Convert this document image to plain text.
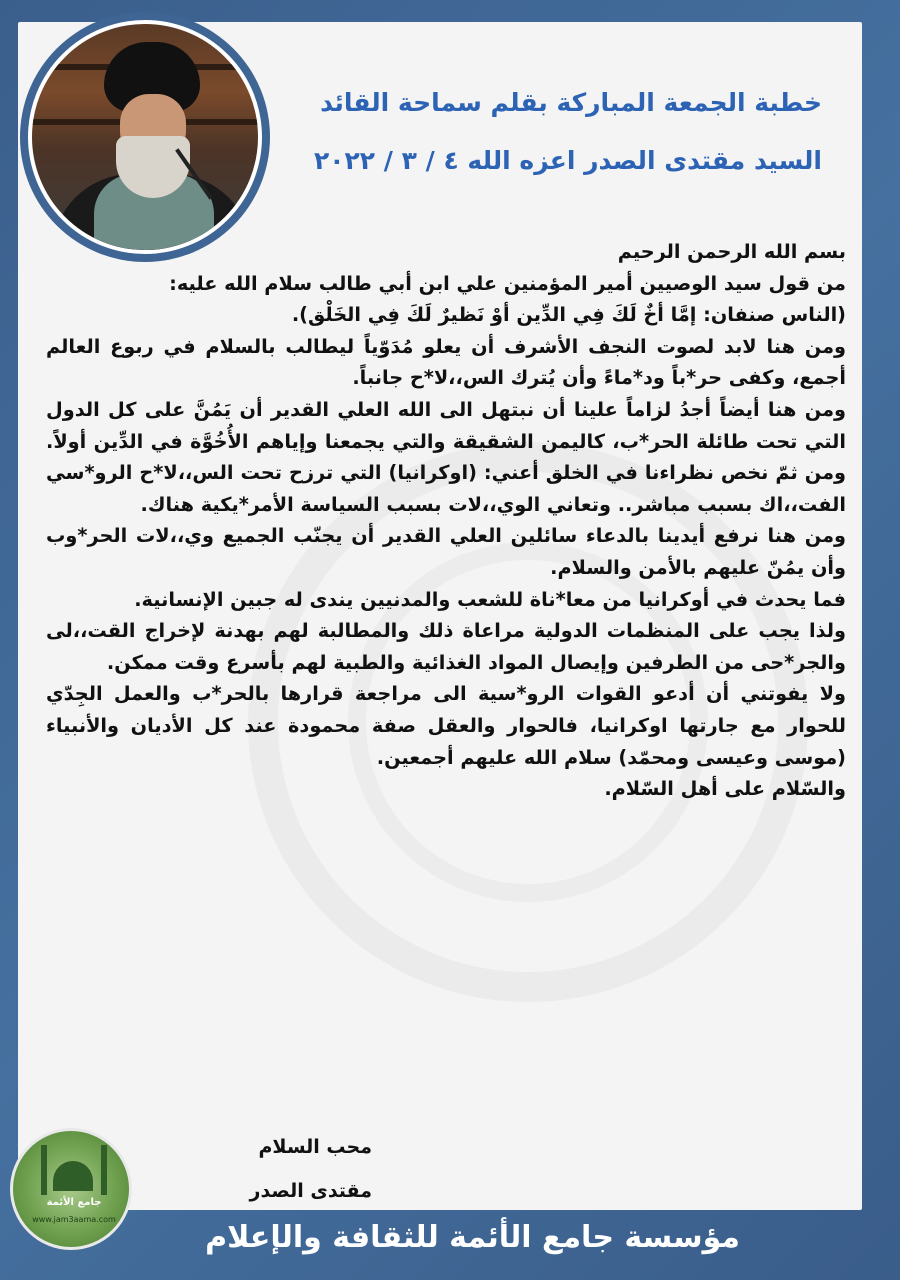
خطبة الجمعة المباركة بقلم سماحة القائد
السيد مقتدى الصدر اعزه الله ٤ / ٣ / ٢٠٢٢

بسم الله الرحمن الرحيم

من قول سيد الوصيين أمير المؤمنين علي ابن أبي طالب سلام الله عليه:

(الناس صنفان: إمَّا أخٌ لَكَ فِي الدِّين أوْ نَظيرٌ لَكَ فِي الخَلْق).

ومن هنا لابد لصوت النجف الأشرف أن يعلو مُدَوّياً ليطالب بالسلام في ربوع العالم أجمع، وكفى حر*باً ود*ماءً وأن يُترك الس،،لا*ح جانباً.

ومن هنا أيضاً أجدُ لزاماً علينا أن نبتهل الى الله العلي القدير أن يَمُنَّ على كل الدول التي تحت طائلة الحر*ب، كاليمن الشقيقة والتي يجمعنا وإياهم الأُخُوَّة في الدِّين أولاً. ومن ثمّ نخص نظراءنا في الخلق أعني: (اوكرانيا) التي ترزح تحت الس،،لا*ح الرو*سي الفت،،اك بسبب مباشر.. وتعاني الوي،،لات بسبب السياسة الأمر*يكية هناك.

ومن هنا نرفع أيدينا بالدعاء سائلين العلي القدير أن يجنّب الجميع وي،،لات الحر*وب وأن يمُنّ عليهم بالأمن والسلام.

فما يحدث في أوكرانيا من معا*ناة للشعب والمدنيين يندى له جبين الإنسانية.

ولذا يجب على المنظمات الدولية مراعاة ذلك والمطالبة لهم بهدنة لإخراج القت،،لى والجر*حى من الطرفين وإيصال المواد الغذائية والطبية لهم بأسرع وقت ممكن.

ولا يفوتني أن أدعو القوات الرو*سية الى مراجعة قرارها بالحر*ب والعمل الجِدّي للحوار مع جارتها اوكرانيا، فالحوار والعقل صفة محمودة عند كل الأديان والأنبياء (موسى وعيسى ومحمّد) سلام الله عليهم أجمعين.

والسّلام على أهل السّلام.

محب السلام
مقتدى الصدر
جامع الأئمة
www.jam3aama.com
مؤسسة جامع الأئمة للثقافة والإعلام
